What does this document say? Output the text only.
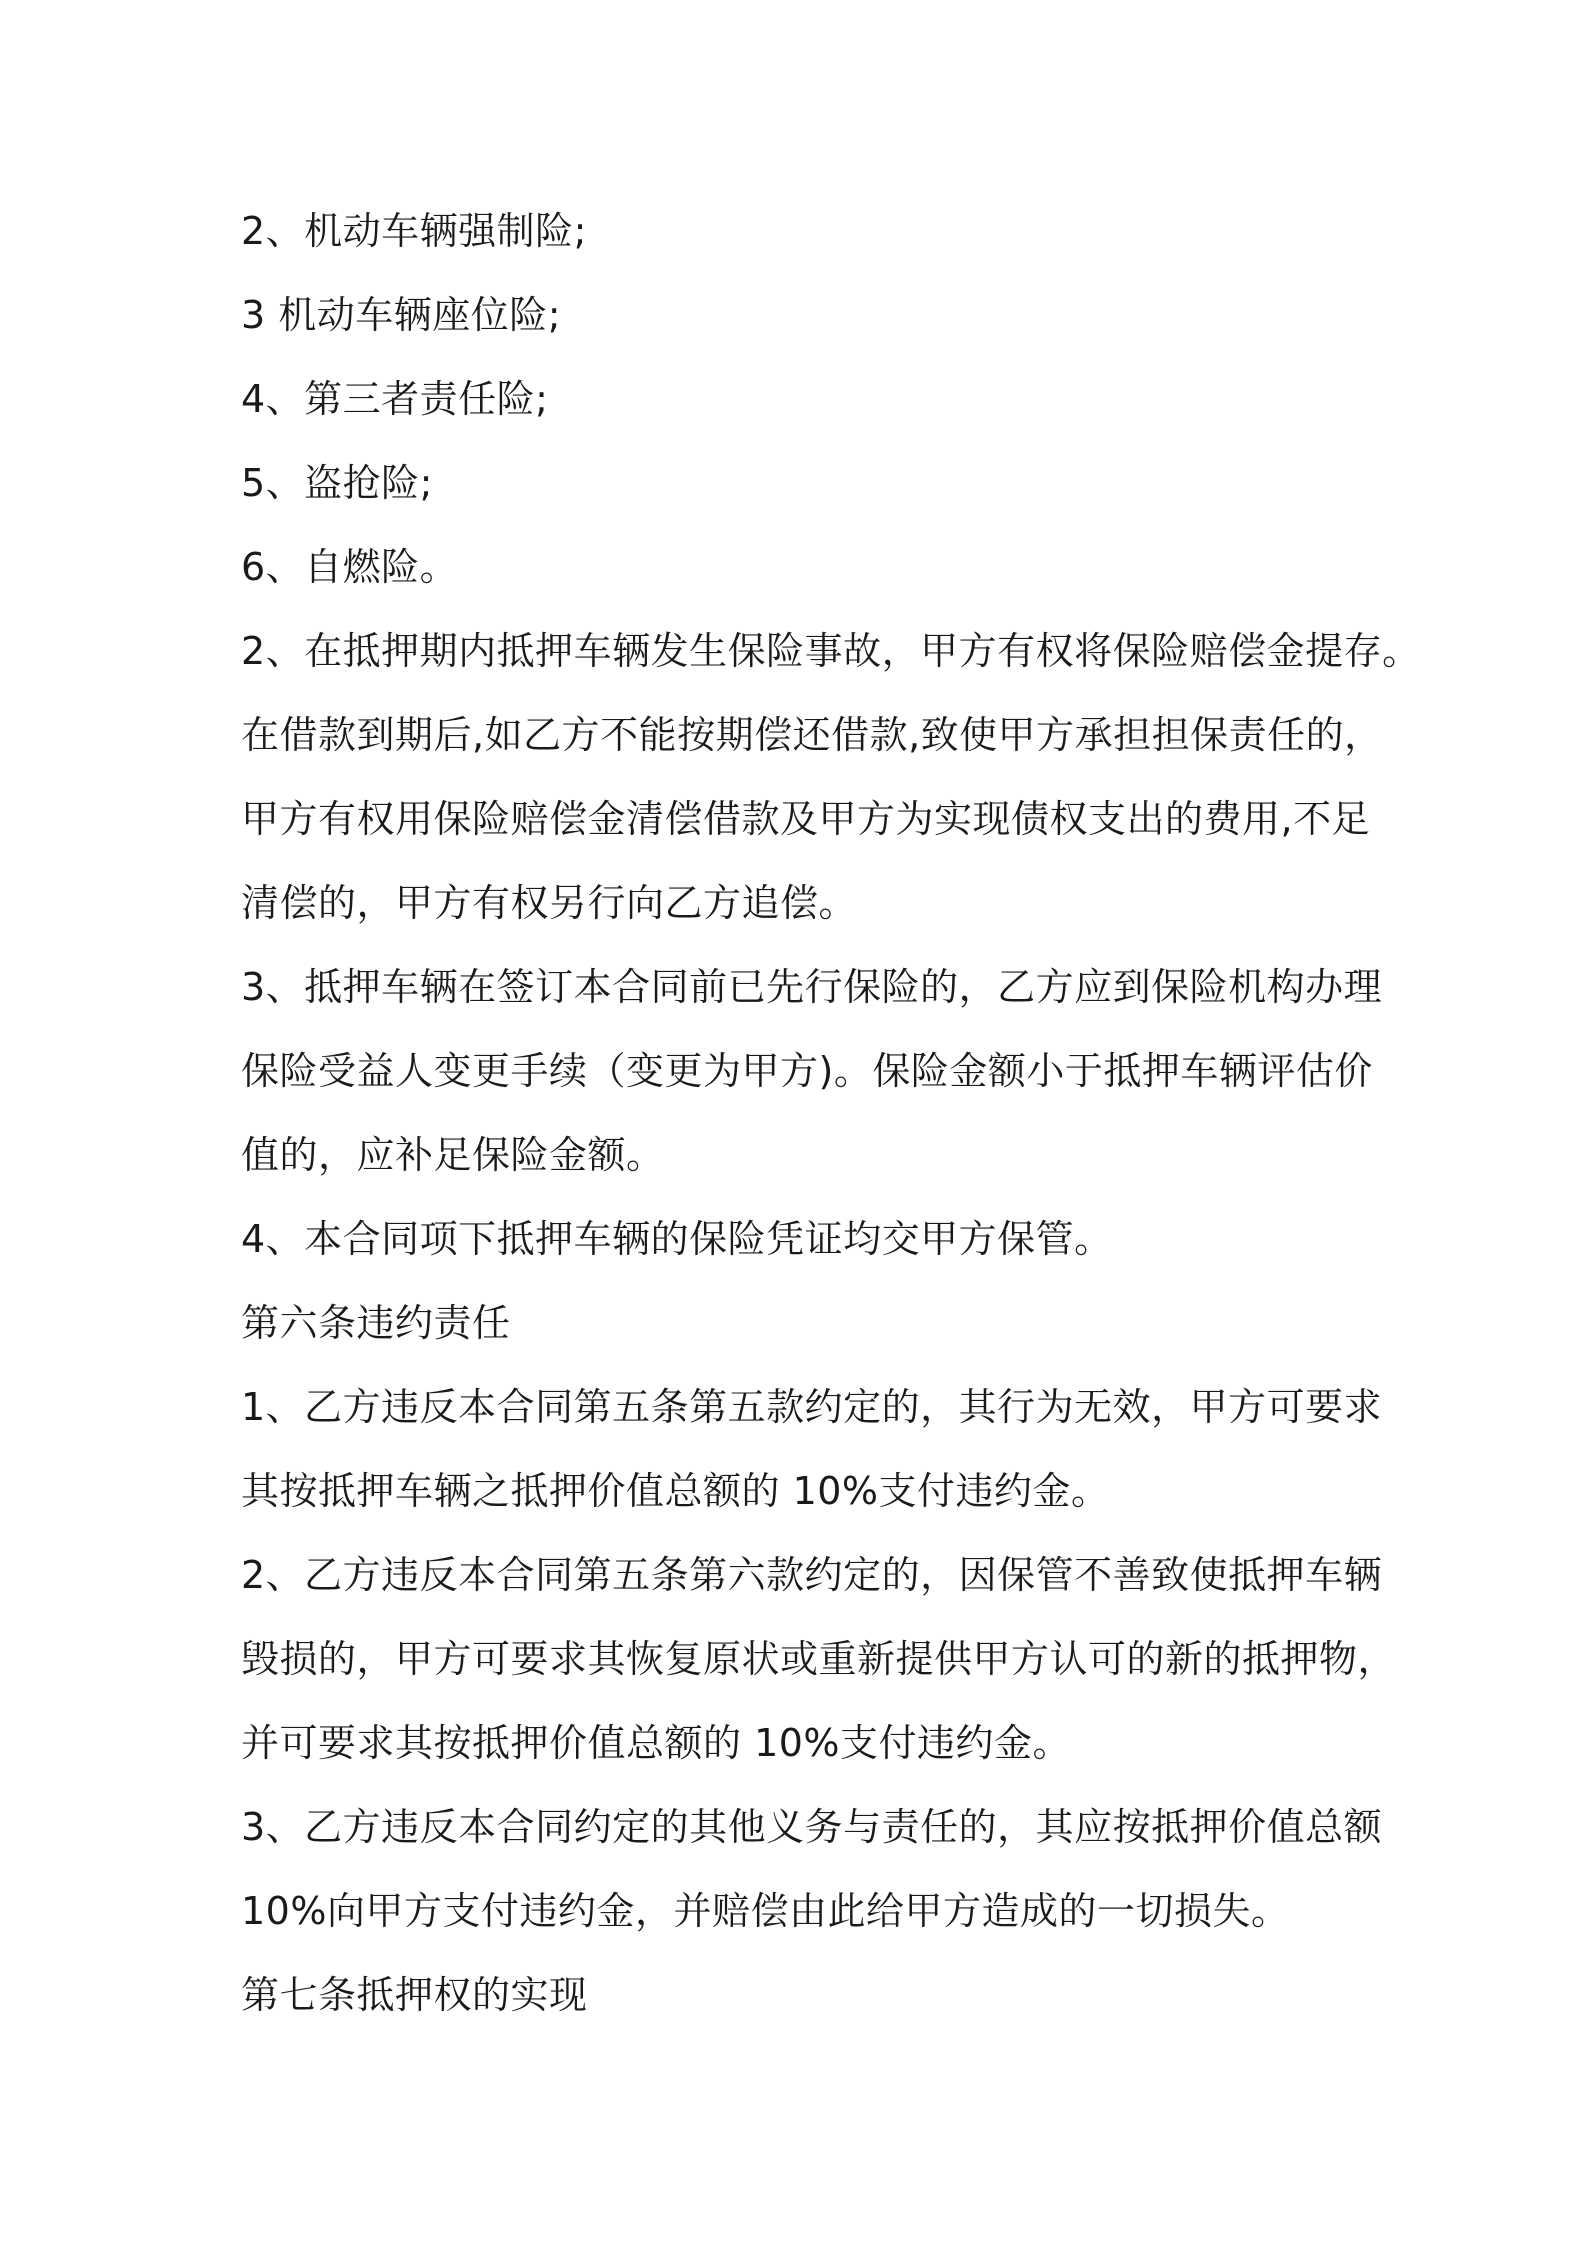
2、机动车辆强制险;
3 机动车辆座位险;
4、第三者责任险;
5、盗抢险;
6、自燃险。
2、在抵押期内抵押车辆发生保险事故，甲方有权将保险赔偿金提存。
在借款到期后,如乙方不能按期偿还借款,致使甲方承担担保责任的，
甲方有权用保险赔偿金清偿借款及甲方为实现债权支出的费用,不足
清偿的，甲方有权另行向乙方追偿。
3、抵押车辆在签订本合同前已先行保险的，乙方应到保险机构办理
保险受益人变更手续（变更为甲方)。保险金额小于抵押车辆评估价
值的，应补足保险金额。
4、本合同项下抵押车辆的保险凭证均交甲方保管。
第六条违约责任
1、乙方违反本合同第五条第五款约定的，其行为无效，甲方可要求
其按抵押车辆之抵押价值总额的 10%支付违约金。
2、乙方违反本合同第五条第六款约定的，因保管不善致使抵押车辆
毁损的，甲方可要求其恢复原状或重新提供甲方认可的新的抵押物，
并可要求其按抵押价值总额的 10%支付违约金。
3、乙方违反本合同约定的其他义务与责任的，其应按抵押价值总额
10%向甲方支付违约金，并赔偿由此给甲方造成的一切损失。
第七条抵押权的实现
